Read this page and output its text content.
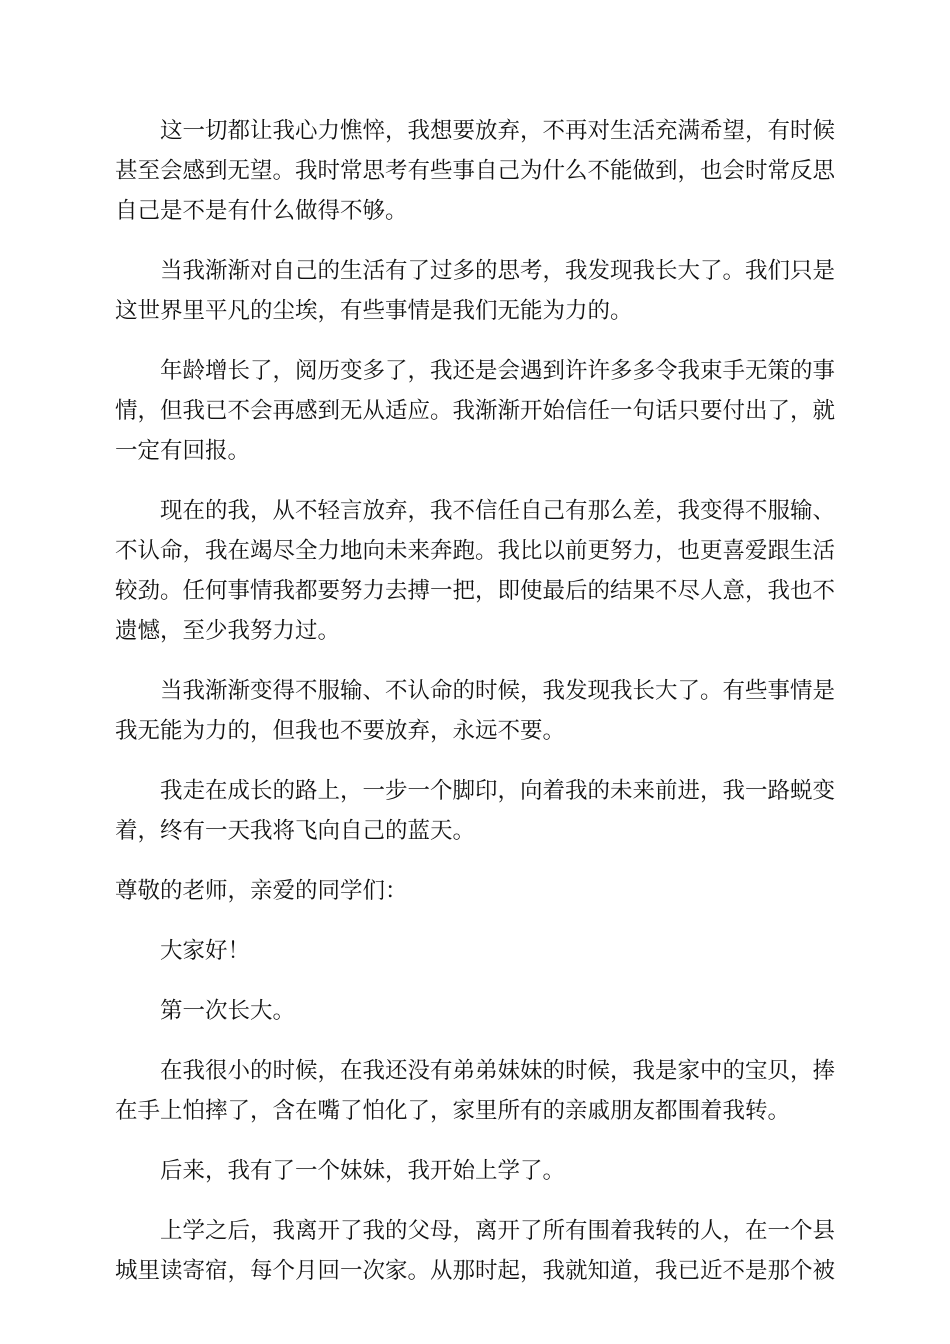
这一切都让我心力憔悴，我想要放弃，不再对生活充满希望，有时候甚至会感到无望。我时常思考有些事自己为什么不能做到，也会时常反思自己是不是有什么做得不够。

当我渐渐对自己的生活有了过多的思考，我发现我长大了。我们只是这世界里平凡的尘埃，有些事情是我们无能为力的。

年龄增长了，阅历变多了，我还是会遇到许许多多令我束手无策的事情，但我已不会再感到无从适应。我渐渐开始信任一句话只要付出了，就一定有回报。

现在的我，从不轻言放弃，我不信任自己有那么差，我变得不服输、不认命，我在竭尽全力地向未来奔跑。我比以前更努力，也更喜爱跟生活较劲。任何事情我都要努力去搏一把，即使最后的结果不尽人意，我也不遗憾，至少我努力过。

当我渐渐变得不服输、不认命的时候，我发现我长大了。有些事情是我无能为力的，但我也不要放弃，永远不要。

我走在成长的路上，一步一个脚印，向着我的未来前进，我一路蜕变着，终有一天我将飞向自己的蓝天。

尊敬的老师，亲爱的同学们：

大家好！

第一次长大。

在我很小的时候，在我还没有弟弟妹妹的时候，我是家中的宝贝，捧在手上怕摔了，含在嘴了怕化了，家里所有的亲戚朋友都围着我转。

后来，我有了一个妹妹，我开始上学了。

上学之后，我离开了我的父母，离开了所有围着我转的人，在一个县城里读寄宿，每个月回一次家。从那时起，我就知道，我已近不是那个被
